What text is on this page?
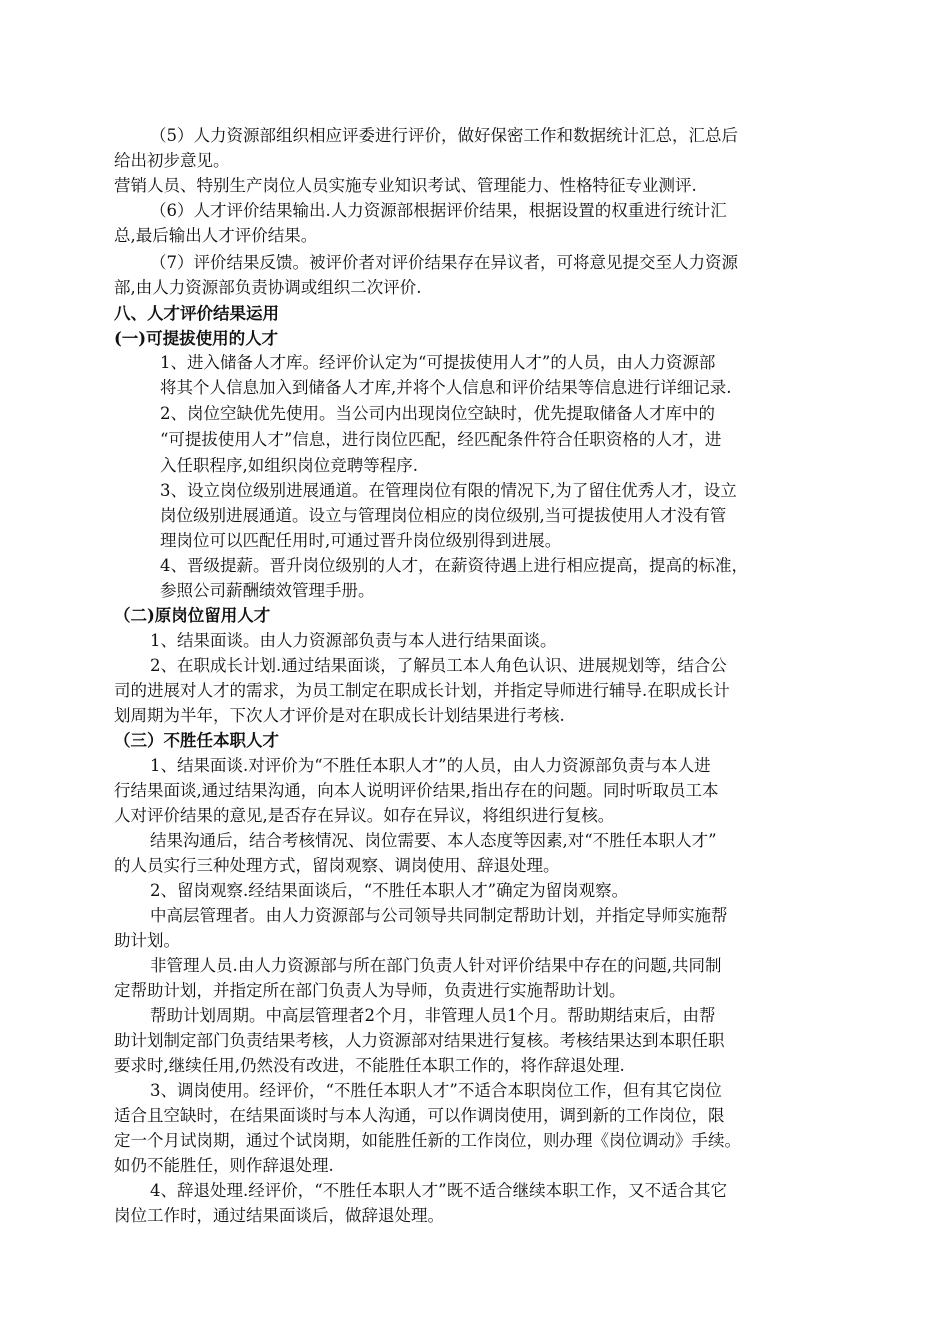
（5）人力资源部组织相应评委进行评价，做好保密工作和数据统计汇总，汇总后
给出初步意见。
营销人员、特别生产岗位人员实施专业知识考试、管理能力、性格特征专业测评.
（6）人才评价结果输出.人力资源部根据评价结果，根据设置的权重进行统计汇
总,最后输出人才评价结果。
（7）评价结果反馈。被评价者对评价结果存在异议者，可将意见提交至人力资源
部,由人力资源部负责协调或组织二次评价.
八、人才评价结果运用
(一)可提拔使用的人才
1、进入储备人才库。经评价认定为“可提拔使用人才”的人员，由人力资源部
将其个人信息加入到储备人才库,并将个人信息和评价结果等信息进行详细记录.
2、岗位空缺优先使用。当公司内出现岗位空缺时，优先提取储备人才库中的
“可提拔使用人才”信息，进行岗位匹配，经匹配条件符合任职资格的人才，进
入任职程序,如组织岗位竞聘等程序.
3、设立岗位级别进展通道。在管理岗位有限的情况下,为了留住优秀人才，设立
岗位级别进展通道。设立与管理岗位相应的岗位级别,当可提拔使用人才没有管
理岗位可以匹配任用时,可通过晋升岗位级别得到进展。
4、晋级提薪。晋升岗位级别的人才，在薪资待遇上进行相应提高，提高的标准，
参照公司薪酬绩效管理手册。
（二)原岗位留用人才
1、结果面谈。由人力资源部负责与本人进行结果面谈。
2、在职成长计划.通过结果面谈，了解员工本人角色认识、进展规划等，结合公
司的进展对人才的需求，为员工制定在职成长计划，并指定导师进行辅导.在职成长计
划周期为半年，下次人才评价是对在职成长计划结果进行考核.
（三）不胜任本职人才
1、结果面谈.对评价为“不胜任本职人才”的人员，由人力资源部负责与本人进
行结果面谈,通过结果沟通，向本人说明评价结果,指出存在的问题。同时听取员工本
人对评价结果的意见,是否存在异议。如存在异议，将组织进行复核。
结果沟通后，结合考核情况、岗位需要、本人态度等因素,对“不胜任本职人才”
的人员实行三种处理方式，留岗观察、调岗使用、辞退处理。
2、留岗观察.经结果面谈后，“不胜任本职人才”确定为留岗观察。
中高层管理者。由人力资源部与公司领导共同制定帮助计划，并指定导师实施帮
助计划。
非管理人员.由人力资源部与所在部门负责人针对评价结果中存在的问题,共同制
定帮助计划，并指定所在部门负责人为导师，负责进行实施帮助计划。
帮助计划周期。中高层管理者2个月，非管理人员1个月。帮助期结束后，由帮
助计划制定部门负责结果考核，人力资源部对结果进行复核。考核结果达到本职任职
要求时,继续任用,仍然没有改进，不能胜任本职工作的，将作辞退处理.
3、调岗使用。经评价，“不胜任本职人才”不适合本职岗位工作，但有其它岗位
适合且空缺时，在结果面谈时与本人沟通，可以作调岗使用，调到新的工作岗位，限
定一个月试岗期，通过个试岗期，如能胜任新的工作岗位，则办理《岗位调动》手续。
如仍不能胜任，则作辞退处理.
4、辞退处理.经评价，“不胜任本职人才”既不适合继续本职工作，又不适合其它
岗位工作时，通过结果面谈后，做辞退处理。
